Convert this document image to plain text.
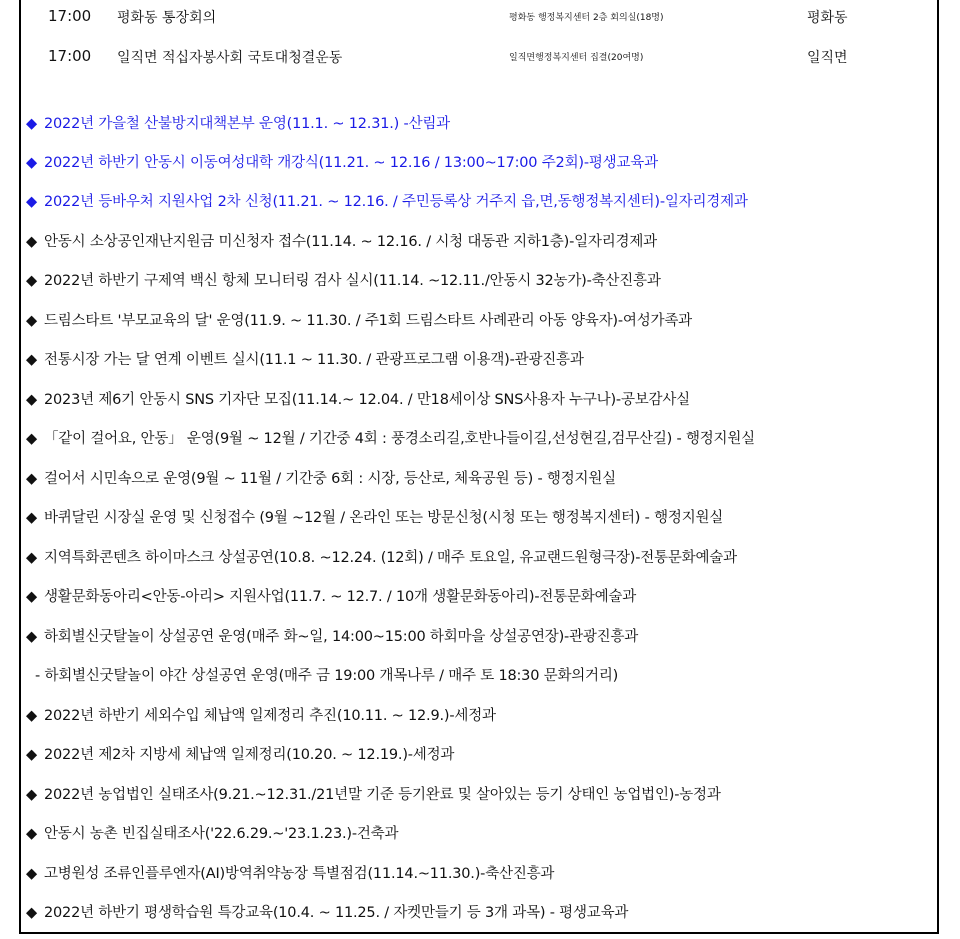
17:00 평화동 통장회의	평화동 행정복지센터 2층 회의실(18명)	평화동
17:00 일직면 적십자봉사회 국토대청결운동	일직면행정복지센터 집결(20여명)	일직면
◆ 2022년 가을철 산불방지대책본부 운영(11.1. ~ 12.31.) -산림과
◆ 2022년 하반기 안동시 이동여성대학 개강식(11.21. ~ 12.16 / 13:00~17:00 주2회)-평생교육과
◆ 2022년 등바우처 지원사업 2차 신청(11.21. ~ 12.16. / 주민등록상 거주지 읍,면,동행정복지센터)-일자리경제과
◆ 안동시 소상공인재난지원금 미신청자 접수(11.14. ~ 12.16. / 시청 대동관 지하1층)-일자리경제과
◆ 2022년 하반기 구제역 백신 항체 모니터링 검사 실시(11.14. ~12.11./안동시 32농가)-축산진흥과
◆ 드림스타트 '부모교육의 달' 운영(11.9. ~ 11.30. / 주1회 드림스타트 사례관리 아동 양육자)-여성가족과
◆ 전통시장 가는 달 연계 이벤트 실시(11.1 ~ 11.30. / 관광프로그램 이용객)-관광진흥과
◆ 2023년 제6기 안동시 SNS 기자단 모집(11.14.~ 12.04. / 만18세이상 SNS사용자 누구나)-공보감사실
◆ 「같이 걸어요, 안동」 운영(9월 ~ 12월 / 기간중 4회 : 풍경소리길,호반나들이길,선성현길,검무산길) - 행정지원실
◆ 걸어서 시민속으로 운영(9월 ~ 11월 / 기간중 6회 : 시장, 등산로, 체육공원 등) - 행정지원실
◆ 바퀴달린 시장실 운영 및 신청접수 (9월 ~12월 / 온라인 또는 방문신청(시청 또는 행정복지센터) - 행정지원실
◆ 지역특화콘텐츠 하이마스크 상설공연(10.8. ~12.24. (12회) / 매주 토요일, 유교랜드원형극장)-전통문화예술과
◆ 생활문화동아리<안동-아리> 지원사업(11.7. ~ 12.7. / 10개 생활문화동아리)-전통문화예술과
◆ 하회별신굿탈놀이 상설공연 운영(매주 화~일, 14:00~15:00 하회마을 상설공연장)-관광진흥과
- 하회별신굿탈놀이 야간 상설공연 운영(매주 금 19:00 개목나루 / 매주 토 18:30 문화의거리)
◆ 2022년 하반기 세외수입 체납액 일제정리 추진(10.11. ~ 12.9.)-세정과
◆ 2022년 제2차 지방세 체납액 일제정리(10.20. ~ 12.19.)-세정과
◆ 2022년 농업법인 실태조사(9.21.~12.31./21년말 기준 등기완료 및 살아있는 등기 상태인 농업법인)-농정과
◆ 안동시 농촌 빈집실태조사('22.6.29.~'23.1.23.)-건축과
◆ 고병원성 조류인플루엔자(AI)방역취약농장 특별점검(11.14.~11.30.)-축산진흥과
◆ 2022년 하반기 평생학습원 특강교육(10.4. ~ 11.25. / 자켓만들기 등 3개 과목) - 평생교육과
